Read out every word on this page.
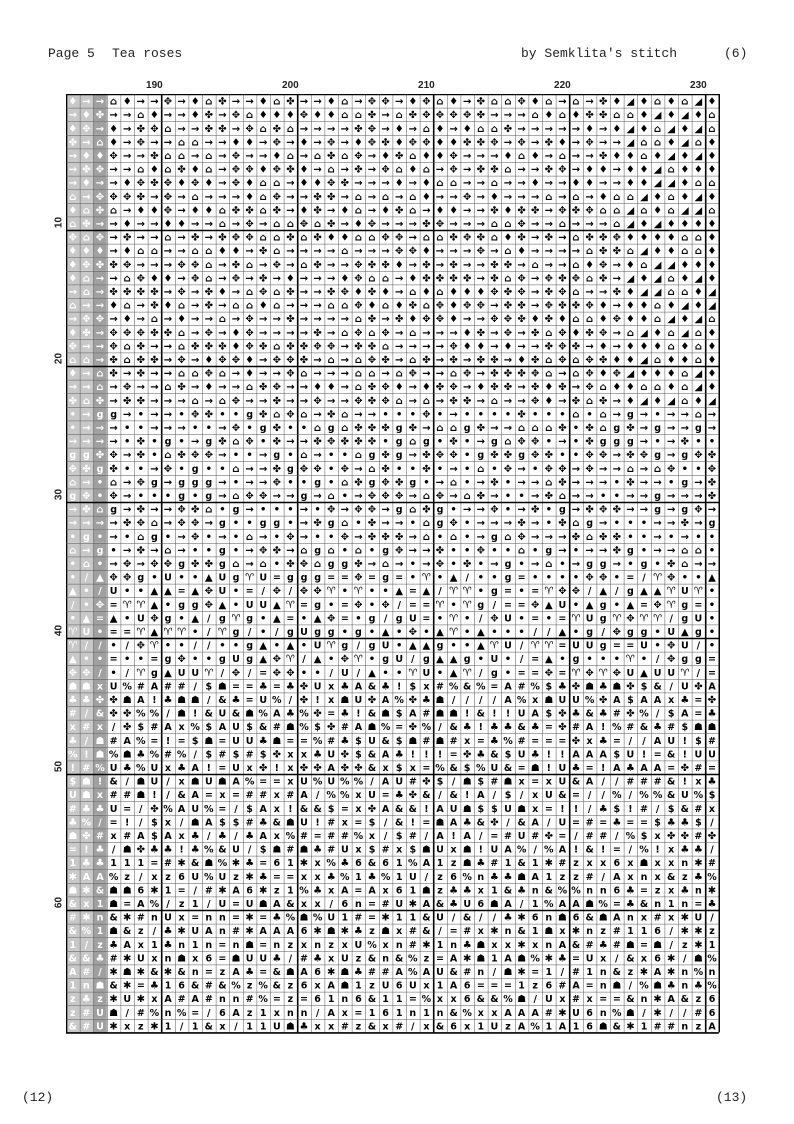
Page 5 Tea roses	by Semklita's stitch	(6)
190	200	210	220	230
10
20
30
40
50
60
♦ → → ⌂ ♦ → → ✥ → ♦ ⌂ ✤ → → ♦ ⌂ ✤ → → ♦ ⌂ → ✥ ✥ → ♦ ✥ ⌂ ♦ → ✤ ⌂ ⌂ ✥ ♦ ⌂ → ⌂ → ✤ ♦ ◢ ♦ ⌂ ♦ ⌂ ◢ ♦
→ ♦ ✤ → → ⌂ ♦ → → ♦ ✤ → ✥ ⌂ ♦ ♦ ♦ ✥ ♦ ♦ ⌂ ⌂ ✤ → ⌂ ✤ ✥ ✥ ✥ ✥ ✤ → → → ⌂ ♦ ⌂ ♦ ✤ ✤ ⌂ ⌂ ♦ ◢ ♦ ◢ ♦ ⌂
♦ ✥ → ♦ → ✤ ✥ ⌂ → → ✤ ✤ → ✥ ⌂ ✤ ⌂ → → → → ✤ ✥ → ♦ → ⌂ ♦ → ♦ ⌂ ⌂ ✤ → → → → → ♦ → ♦ ◢ ♦ ⌂ ◢ ♦ ◢ ⌂
✤ → ⌂ ♦ → ✥ → → ⌂ ⌂ → → ♦ ♦ → ✥ → ♦ → ✥ → ♦ ✥ ✤ ♦ ✥ ✥ ♦ ♦ ✤ ✤ ✥ → ✥ → ✤ ♦ → ✥ → → ◢ ⌂ ⌂ ♦ ◢ ⌂ ♦
→ ♦ ♦ ✥ → → ✤ ⌂ ⌂ → ⌂ → ✥ → → ♦ ⌂ → ⌂ ✤ ⌂ ✥ → ♦ ✤ ⌂ ♦ ♦ ✥ → → → ♦ ⌂ ♦ → ⌂ → → ✤ ♦ ♦ ⌂ ♦ ◢ ♦ ◢ ♦
→ ✤ ✥ → → ⌂ ♦ ⌂ ✤ ♦ ⌂ → ✥ ✥ ♦ ✥ ✤ ♦ → ⌂ → ✤ → ✥ ⌂ ♦ ⌂ → ✥ → ✤ ✤ ⌂ → → ✤ ✥ → ♦ ♦ → ♦ ♦ ◢ ⌂ ♦ ♦ ♦
→ ♦ → → ♦ ✥ ✤ ✥ ♦ ✥ ♦ → ✥ ♦ ⌂ ⌂ → ♦ ♦ ✥ ✤ → → → ♦ → ♦ ⌂ ⌂ → → ⌂ → → ♦ → → ♦ ♦ → → ♦ ♦ ◢ ◢ ♦ ⌂ ⌂
⌂ → ✥ ✥ ✥ ✤ → ✥ → ⌂ → → → ♦ ⌂ ✥ → → ✤ ✤ → ⌂ → ⌂ → ⌂ ♦ → → ✥ → ♦ → → → ⌂ → ⌂ → ♦ ⌂ ⌂ ◢ ♦ ⌂ ♦ ◢ ♦
♦ ⌂ ✤ ⌂ → ♦ ♦ ✥ → ♦ ♦ ⌂ ✤ ✤ ⌂ ✤ → ♦ ✤ → ♦ ⌂ → ♦ ✤ ⌂ → ♦ ♦ → → ✤ ♦ ✤ ✤ → ✥ ✤ ✥ ⌂ ⌂ ◢ ⌂ ♦ ⌂ ◢ ◢ ⌂
⌂ ✤ → → ♦ → → ♦ ♦ → → ⌂ → ✥ → ⌂ ⌂ ✥ ⌂ ✤ → ♦ ✥ → → → ✤ ✥ → → → ⌂ ⌂ ✥ → → ⌂ → → → ⌂ ◢ ♦ ◢ ♦ ♦ ♦ ♦
✥ ⌂ ✥ → ✤ → → ⌂ → ✤ → ✤ ✥ ✥ ⌂ ⌂ ✤ ⌂ ✤ ♦ ♦ ⌂ ⌂ ✥ ✥ → ⌂ ⌂ ✤ ✥ ✤ ⌂ ♦ ✤ → ✤ → ⌂ ✤ ✤ ✥ ♦ ♦ ♦ ♦ ⌂ ⌂ ♦
♦ ♦ ♦ → ♦ ⌂ ⌂ → → ⌂ ⌂ ♦ ♦ → ✤ ⌂ → → → → ⌂ → → → ✥ ✥ ♦ → → → ✥ → ⌂ ♦ → → → → ⌂ ✤ ✤ ⌂ ◢ ♦ ♦ ⌂ ⌂ ♦
♦ ✥ ✤ ✤ ✥ → → → ✥ ✥ ⌂ → ✤ ⌂ → ✥ → ⌂ ✤ → → ✥ ✤ ✤ ♦ → ✤ → ✤ → → ✤ ✤ → ⌂ → → ⌂ ♦ ✥ → ♦ ⌂ ◢ ◢ ♦ ♦ ♦
♦ ⌂ → → ⌂ ✥ ♦ ♦ → ✥ ⌂ → ✥ → ✤ → ♦ → → → ♦ ✥ ⌂ ⌂ → ♦ ✤ ✤ ✤ ✤ → ✤ ⌂ ✥ → ✥ ✤ ✥ ⌂ ✤ → ◢ ♦ ◢ ⌂ ♦ ◢ ♦
→ ⌂ → ✤ ✤ ✤ ✤ → ✥ → ✤ ♦ → ⌂ ✥ ⌂ ✤ → → ✤ ✥ ♦ ✤ ♦ → ⌂ ♦ ⌂ ♦ ♦ ♦ ✥ ✤ ✥ → ✤ ✥ ⌂ → → ✤ ♦ ◢ ◢ ⌂ ⌂ ♦ ◢
⌂ → → ♦ ⌂ → ✤ ♦ ⌂ → ✤ → ⌂ ⌂ ♦ ⌂ → → → ⌂ ⌂ ✥ ♦ ⌂ ♦ ✤ ⌂ ✥ ♦ ✥ ✥ → ✤ ✤ → ✥ ✤ ✤ ✥ ♦ → ♦ ♦ ⌂ ♦ ◢ ♦ ◢
→ ✥ ✥ → ♦ → ⌂ → ♦ → → ⌂ → ✥ → → ✤ → → → → ⌂ ✤ → ✤ ♦ ✥ ✥ ♦ → → ✥ ✥ ✤ ♦ ✤ ♦ ⌂ ⌂ ♦ ✥ ♦ ♦ ⌂ ◢ ♦ ◢ ⌂
♦ ✤ → ✥ ✥ ✥ ✤ ✤ ⌂ → ✥ → ♦ ✥ → → → → ✤ → ⌂ ✥ ⌂ ✥ → ⌂ → → → ♦ ✤ → ✥ → ✤ ⌂ ✥ ♦ ✤ ✥ → ⌂ ◢ ♦ ⌂ ◢ ⌂ ♦
✥ → → ✥ ⌂ ✤ → → ⌂ ✤ ✤ ✤ ♦ ✥ ✤ ⌂ ✤ ✤ ✥ ✥ → ✤ ✤ ⌂ → → → → ✥ ♦ ♦ → ♦ → → ✤ ✥ ✤ → ♦ → ♦ ♦ ♦ ⌂ ♦ ⌂ ♦
⌂ ⌂ → ✤ ⌂ ✤ ✤ → ✥ → ♦ ✥ ✥ ♦ → ✥ ✥ ✤ → ⌂ → ⌂ ✥ ✤ → ⌂ ✤ → ✤ → ✤ ✤ → ♦ ✤ ⌂ ✥ ⌂ ✥ ✤ ♦ ♦ ◢ ⌂ ♦ ♦ ⌂ ♦
♦ → ⌂ ✤ → ✤ → → ⌂ ⌂ ✥ ⌂ → ♦ → → ✥ ⌂ → → → ⌂ ⌂ → ⌂ ✥ → → ⌂ ✥ → ✤ ✤ ✤ ✥ ⌂ → ⌂ ✥ ♦ ✥ ◢ ♦ ♦ ♦ ⌂ ◢ ♦
→ → ⌂ → ✥ → → ⌂ ✤ → ♦ → → ⌂ ✤ ✥ → → ♦ ♦ → ⌂ ✤ ✥ ♦ → ♦ ✤ ✥ → ♦ ✤ ✤ → ✤ ♦ ✤ → ✥ ⌂ ♦ ♦ ⌂ ⌂ ♦ ⌂ ◢ ♦
✤ ⌂ ✤ → ✤ ✤ → → → ⌂ → ⌂ ✥ → → ✤ → → ✥ → → ✥ ✤ ✥ ⌂ → ⌂ → ✤ ✤ → ⌂ → → ✥ ♦ → ✤ ⌂ ✤ → ♦ ◢ ♦ ◢ ⌂ ♦ ◢
• → g g → • → → • ✥ ✤ • • g ✤ ⌂ ✥ ⌂ → ✤ ⌂ → → • • • ✥ • → • • • • ✤ • • • ⌂ • ⌂ → g → • → → ⌂ →
• → → → • • → → → • • → ✥ • g ✤ • • ⌂ g ⌂ ✤ ✤ ✤ g ✤ → ⌂ ⌂ g ✤ → → ⌂ ⌂ ⌂ ✤ • ✤ ⌂ g ✤ → g → → g →
→ → → → • ✤ • g • → g ✤ ⌂ ✥ • ✤ → → ✤ ✥ ✤ ✤ ✤ • g ⌂ g • ✤ • → g ⌂ ✥ ✥ • → • ✤ g g g → • → ✤ • •
g g ✤ ✥ → ✤ • ⌂ ✤ ✥ ✥ → • • → g • ⌂ → • • ⌂ g ✤ g → ✤ ✥ ✥ • g ✤ ✤ g ✥ ✤ • • ✥ ✥ → ✤ ✥ g → g ✥ ✤
✥ ✤ g ✤ • • → ✥ • g • • ⌂ → → ✤ g ✥ ✥ • ✥ → ⌂ ✤ • • ✤ • → • ⌂ • ✥ → • ✥ ✥ → ✥ → → ⌂ → ⌂ ✥ • • ✥
⌂ → • ⌂ → ✥ g → g g g → • → → ✥ • • g • ⌂ ✤ g ✥ ✤ g • → ⌂ • → ✤ • → → ⌂ ✤ → → → • ✤ → → • g → ✤
g ✥ • ✥ → • • • g • g → ⌂ ✥ ✥ → → g → ⌂ • → ✥ ✥ ✥ → ⌂ ✥ → ⌂ ✤ → • • → ✤ ⌂ → → • • → → g → → → ✤
→ ✤ ⌂ g → ✤ → → ✥ ✤ ⌂ • g → • • • → • ✥ → ✥ ✥ → g ⌂ ✤ g • → → ✥ • → ✤ • g → ✤ ✥ ✤ → → g → g ✥ →
→ → → → ✤ ✥ ⌂ → ✥ ✥ → g • • g g • → ✤ g ⌂ • ✤ → → • ⌂ g ✥ • → → → ✤ → • ✤ ⌂ g → • • • → → ✤ → g
• g • → • ⌂ g • → ✥ • → • ⌂ → • ✥ → • • ✥ → ✤ ✤ ✤ → ⌂ • ⌂ • → g ⌂ ✥ → → → ✤ ⌂ ✤ ✤ • • → • → • •
⌂ → g • → ✤ → ⌂ → • • g • → ✥ ✤ → ⌂ g ⌂ • ⌂ • g ✥ → → ✤ • • ✥ • • ⌂ • g → • → → ✤ g • → → ⌂ ⌂ •
• ⌂ • → ✥ → ✥ ✥ g ✤ ✤ g ⌂ → ⌂ • ✤ ✥ ⌂ g g ✤ → ⌂ → • → ✥ • ✤ • → g • → ⌂ • → g g → • g • ✤ ⌂ → →
• / ▲ ✥ ✥ g • U • • ▲ U g ♈ U = g g g = = ✥ = g = • ♈ • ▲ / • • g = • • • • ✥ ✥ • = / ♈ ✥ • • ▲
▲ • / U • • ▲ ▲ = ▲ ✥ U • = / ✥ / ✥ ✥ ♈ • ♈ • • ▲ = ▲ / ♈ ♈ • g = • = ♈ ✥ ✥ / ▲ / g ▲ ▲ ♈ U ♈ •
/ • ✥ = ♈ ♈ ▲ • g g ✥ ▲ • U U ▲ ♈ = g • = ✥ • ✥ / = = ♈ • ♈ g / = = ✥ ▲ U • ▲ g • ▲ = ✥ ♈ g = •
• ▲ = ▲ • U ✥ g • ▲ / g ♈ g • ▲ = • ▲ ✥ = • g / g U = • ♈ • / ✥ U • = • = ♈ U g ♈ ✥ ♈ ♈ / g U •
♈ U • = = ♈ ▲ ♈ ♈ • / ♈ g / • / g U g g • g • ▲ • ✥ • ▲ ♈ • ▲ • • • / / ▲ • g / ✥ g g • U ▲ g •
♈ / / • / ✥ ♈ • • / / • • g ▲ • ▲ • U ♈ g / g U • ▲ ▲ g • • ▲ ♈ U / ♈ ♈ = U U g = = U • ✥ U / •
▲ • • = • • = g ✥ • • g U g ▲ ✥ ♈ / ▲ • ✥ ♈ • g U / g ▲ ▲ g • U • / = ▲ • g • • • ♈ • / ✥ g g =
✥ ✥ / • / ♈ g ▲ U U ♈ / ✥ / = ✥ ✥ • • / U / ▲ • • ♈ U • ▲ ♈ / g • = = ✥ = ♈ ✥ ♈ ✥ U ▲ U U ♈ / =
☗ ☗ x U % # A # # / $ ☗ = = ♣ = ♣ ✤ U x ♣ A & ♣ ! $ x # % & % = A # % $ ♣ ✤ ☗ ♣ ☗ ✤ $ & / U ✤ A
♣ ♣ ✤ ✤ ☗ A ! ♣ ☗ ☗ / & ♣ = U % / ✤ ! x ☗ U ✤ A % ✤ ♣ ☗ / / / / A % x ☗ U U % ✤ A $ A A x ♣ = ✤
# / & ✤ ✤ % % / ☗ ! & U & ☗ % A ♣ % ✤ = ♣ ! & ☗ $ A # ☗ ☗ ! & ! ! U A $ ✤ ♣ & ♣ # ✤ % / $ A = ♣
x # x / ✤ $ # A x % $ A U $ & # ☗ % $ ✤ # A ☗ % = ✤ % / & ♣ ! ♣ ♣ & ♣ = ✤ # A ! % # & ♣ # $ ☗ ☗
♣ / ☗ # A % = ! = $ ☗ = U U ♣ ☗ = = % # ♣ $ U & $ ☗ # ☗ # x = ♣ % # = = = ✤ x ♣ = / / A U ! $ #
% ! ☗ % ☗ ♣ % # % / $ # $ # $ ✤ x x ♣ U ✤ $ & A ♣ ! ! ! = ✤ ♣ & $ U ♣ ! ! A A A $ U ! = & ! U U
! # % U ♣ % U x ♣ A ! = U x ✤ ! x ✤ ✤ A ✤ ✤ & x $ x = % & $ % U & = ☗ ! U ♣ = ! A ♣ A A = ✤ # =
$ ☗ ! & / ☗ U / x ☗ U ☗ A % = = x U % U % % / A U # ✤ $ / ☗ $ # ☗ x = x U & A / / # # # & ! x ♣
U ☗ x # # ☗ ! / & A = x = # # x # A / % % x U = ♣ ✤ & / & ! A / $ / x U & = / / % / % % & U % $
# ♣ ♣ U = / ✤ % A U % = / $ A x ! & & $ = x ✤ A & & ! A U ☗ $ $ U ☗ x = ! ! / ♣ $ ! # / $ & # x
♣ % / = ! / $ x / ☗ A $ $ # ♣ & ☗ U ! # x = $ / & ! = ☗ A ♣ & ✤ / & A / U = # = ♣ = = $ ♣ ♣ $ /
☗ ✤ # x # A $ A x ♣ / ♣ / ♣ A x % # = # # % x / $ # / A ! A / = # U # ✤ = / # # / % $ x ✤ ✤ # ✤
= ! ♣ / ☗ ✤ ♣ ♣ ! ♣ % & U / $ ☗ # ☗ ♣ # U x $ # x $ ☗ U x ☗ ! U A % / % A ! & ! = / % ! x ♣ ♣ /
1 ♣ ♣ 1 1 1 = # ✱ & ☗ % ✱ ♣ = 6 1 ✱ x % ♣ 6 & 6 1 % A 1 z ☗ ♣ # 1 & 1 ✱ # z x x 6 x ☗ x x n ✱ #
✱ A A % z / x z 6 U % U z ✱ ♣ = = x x ♣ % 1 ♣ % 1 U / z 6 % n ♣ ♣ ☗ A 1 z z # / A x n x & z ♣ %
☗ ✱ & ☗ ☗ 6 ✱ 1 = / # ✱ A 6 ✱ z 1 % ♣ x A = A x 6 1 ☗ z ♣ ♣ x 1 & ♣ n & % % n n 6 ♣ = z x ♣ n ✱
& x 1 ☗ = A % / z 1 / U = U ☗ A & x x / 6 n = # U ✱ A & ♣ U 6 ☗ A / 1 % A A ☗ % = ♣ & n 1 n = ♣
# ✱ n & ✱ # n U x = n n = ✱ = ♣ % ☗ % U 1 # = ✱ 1 1 & U / & / / ♣ ✱ 6 n ☗ 6 & ☗ A n x # x ✱ U /
& % 1 ☗ & z / ♣ ✱ U A n # ✱ A A A 6 ✱ ☗ ✱ ♣ z ☗ x # & / = # x ✱ n & 1 ☗ x ✱ n z # 1 1 6 / ✱ ✱ z
1 / z ♣ A x 1 ♣ n 1 n = n ☗ = n z x n z x U % x n # ✱ 1 n ♣ ☗ x x ✱ x n A & # ♣ # ☗ = ☗ / z ✱ 1
& & ♣ # ✱ U x n ☗ x 6 = ☗ U U ♣ / # ♣ x U z & n & % z = A ✱ ☗ 1 A ☗ % ✱ ♣ = U x / & x 6 ✱ / ☗ %
A # / ✱ ☗ ✱ & ✱ & n = z A ♣ = & ☗ A 6 ✱ ☗ ♣ # # A % A U & # n / ☗ ✱ = 1 / # 1 n & z ✱ A ✱ n % n
1 n ☗ & ✱ = ♣ 1 6 & # & % z % & z 6 x A ☗ 1 z U 6 U x 1 A 6 = = = 1 z 6 # A = n ☗ / % ☗ ♣ n ♣ %
z ♣ z ✱ U ✱ x A # A # n n # % = z = 6 1 n 6 & 1 1 = % x x 6 & & % ☗ / U x # x = = & n ✱ A & z 6
z # U ☗ / # % n % = / 6 A z 1 x n n / A x = 1 6 1 n 1 n & % x x A A A # ✱ U 6 n % ☗ / ✱ / / # 6
& # U ✱ x z ✱ 1 / 1 & x / 1 1 U ☗ ♣ x x # z & x # / x & 6 x 1 U z A % 1 A 1 6 ☗ & ✱ 1 # # n z A
(12)	(13)
